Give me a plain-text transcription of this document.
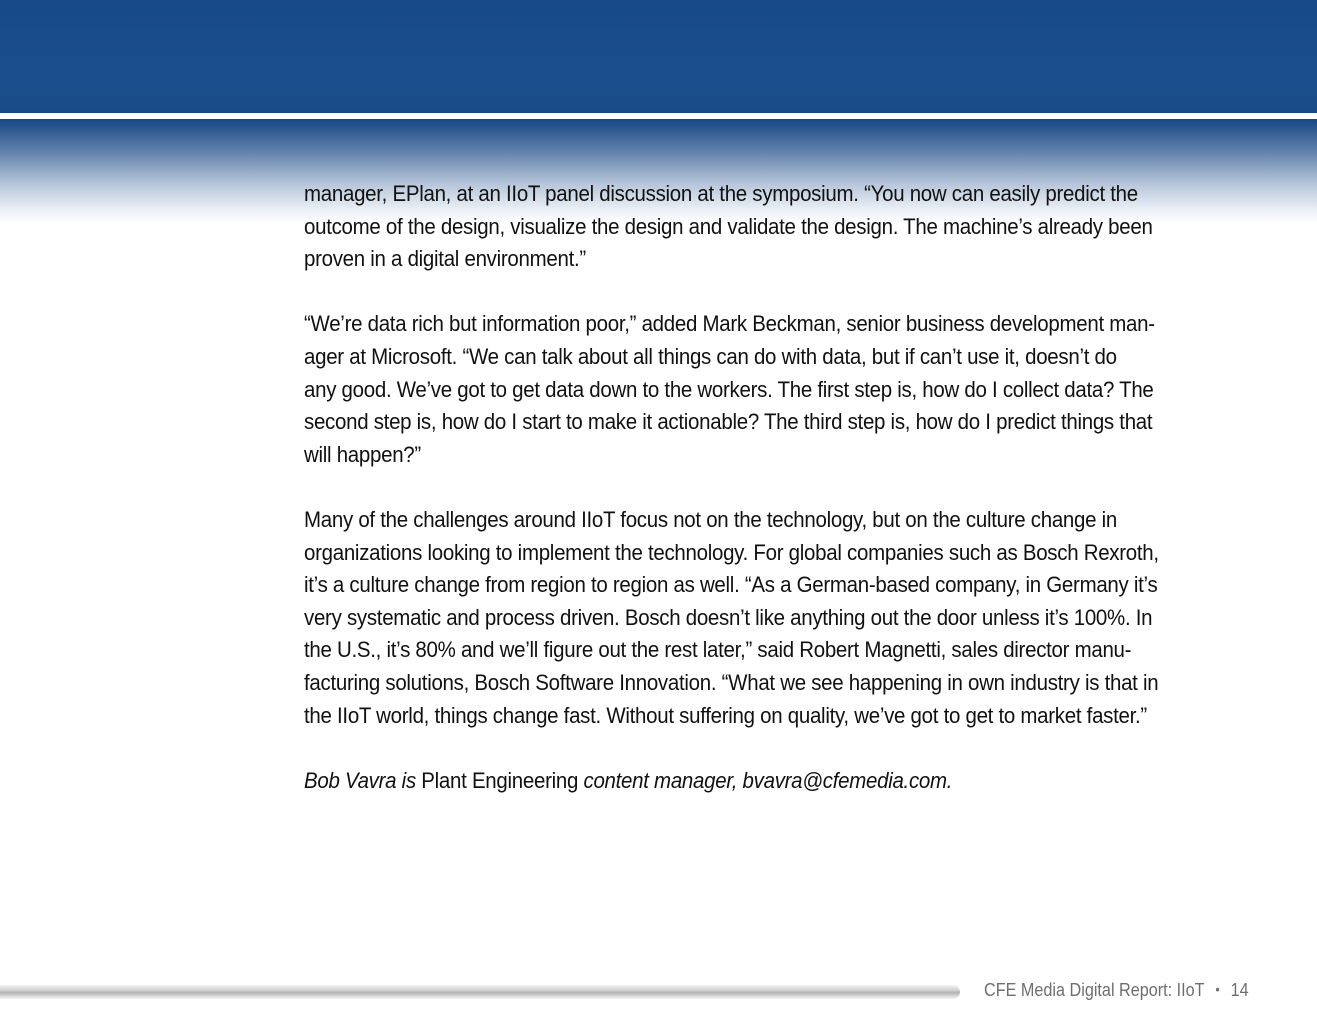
manager, EPlan, at an IIoT panel discussion at the symposium. “You now can easily predict the
outcome of the design, visualize the design and validate the design. The machine’s already been
proven in a digital environment.”

“We’re data rich but information poor,” added Mark Beckman, senior business development man-
ager at Microsoft. “We can talk about all things can do with data, but if can’t use it, doesn’t do
any good. We’ve got to get data down to the workers. The first step is, how do I collect data? The
second step is, how do I start to make it actionable? The third step is, how do I predict things that
will happen?”

Many of the challenges around IIoT focus not on the technology, but on the culture change in
organizations looking to implement the technology. For global companies such as Bosch Rexroth,
it’s a culture change from region to region as well. “As a German-based company, in Germany it’s
very systematic and process driven. Bosch doesn’t like anything out the door unless it’s 100%. In
the U.S., it’s 80% and we’ll figure out the rest later,” said Robert Magnetti, sales director manu-
facturing solutions, Bosch Software Innovation. “What we see happening in own industry is that in
the IIoT world, things change fast. Without suffering on quality, we’ve got to get to market faster.”

Bob Vavra is Plant Engineering content manager, bvavra@cfemedia.com.

CFE Media Digital Report: IIoT • 14
